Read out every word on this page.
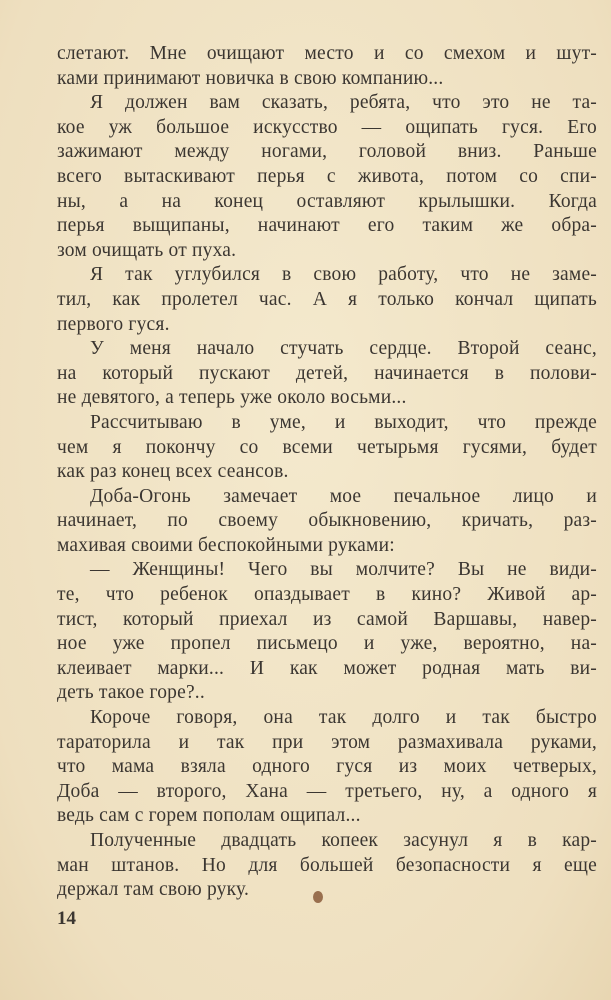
слетают. Мне очищают место и со смехом и шут-
ками принимают новичка в свою компанию...
Я должен вам сказать, ребята, что это не та-
кое уж большое искусство — ощипать гуся. Его
зажимают между ногами, головой вниз. Раньше
всего вытаскивают перья с живота, потом со спи-
ны, а на конец оставляют крылышки. Когда
перья выщипаны, начинают его таким же обра-
зом очищать от пуха.
Я так углубился в свою работу, что не заме-
тил, как пролетел час. А я только кончал щипать
первого гуся.
У меня начало стучать сердце. Второй сеанс,
на который пускают детей, начинается в полови-
не девятого, а теперь уже около восьми...
Рассчитываю в уме, и выходит, что прежде
чем я покончу со всеми четырьмя гусями, будет
как раз конец всех сеансов.
Доба-Огонь замечает мое печальное лицо и
начинает, по своему обыкновению, кричать, раз-
махивая своими беспокойными руками:
— Женщины! Чего вы молчите? Вы не види-
те, что ребенок опаздывает в кино? Живой ар-
тист, который приехал из самой Варшавы, навер-
ное уже пропел письмецо и уже, вероятно, на-
клеивает марки... И как может родная мать ви-
деть такое горе?..
Короче говоря, она так долго и так быстро
тараторила и так при этом размахивала руками,
что мама взяла одного гуся из моих четверых,
Доба — второго, Хана — третьего, ну, а одного я
ведь сам с горем пополам ощипал...
Полученные двадцать копеек засунул я в кар-
ман штанов. Но для большей безопасности я еще
держал там свою руку.
14
